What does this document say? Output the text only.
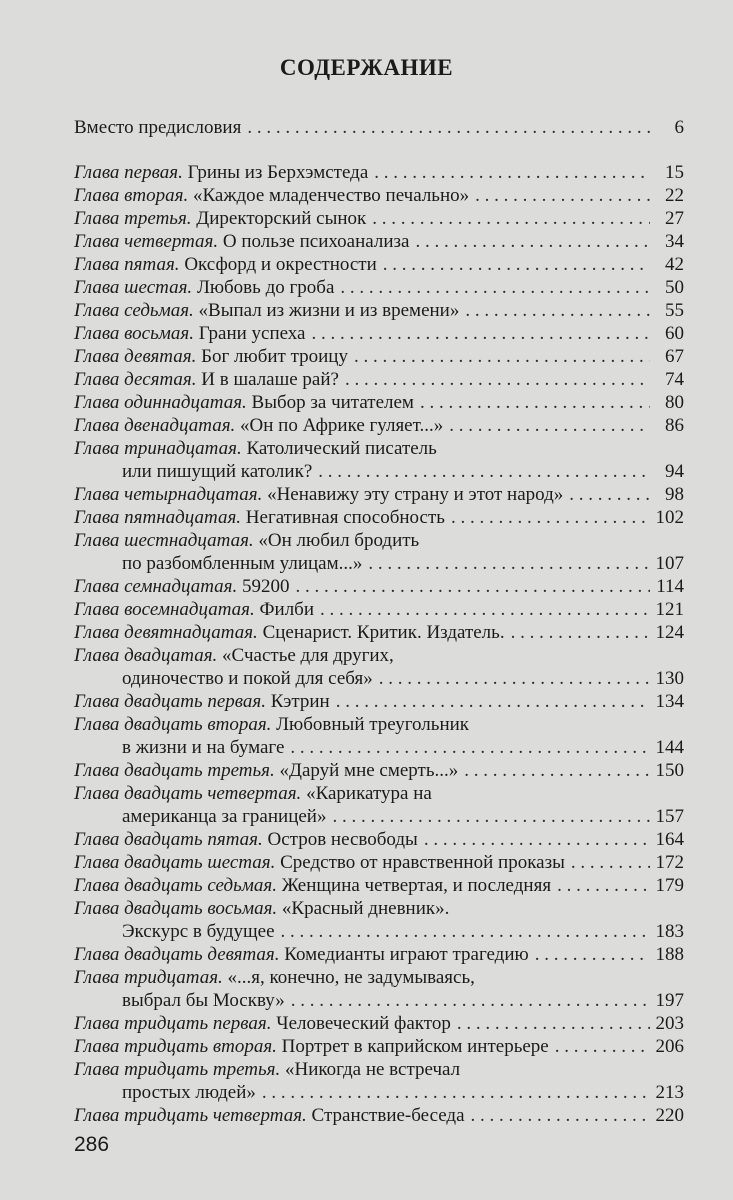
СОДЕРЖАНИЕ
Вместо предисловия . . .	6
Глава первая. Грины из Берхэмстеда . . .	15
Глава вторая. «Каждое младенчество печально» . . .	22
Глава третья. Директорский сынок . . .	27
Глава четвертая. О пользе психоанализа . . .	34
Глава пятая. Оксфорд и окрестности . . .	42
Глава шестая. Любовь до гроба . . .	50
Глава седьмая. «Выпал из жизни и из времени» . . .	55
Глава восьмая. Грани успеха . . .	60
Глава девятая. Бог любит троицу . . .	67
Глава десятая. И в шалаше рай? . . .	74
Глава одиннадцатая. Выбор за читателем . . .	80
Глава двенадцатая. «Он по Африке гуляет...» . . .	86
Глава тринадцатая. Католический писатель
или пишущий католик? . . .	94
Глава четырнадцатая. «Ненавижу эту страну и этот народ» . . .	98
Глава пятнадцатая. Негативная способность . . .	102
Глава шестнадцатая. «Он любил бродить
по разбомбленным улицам...» . . .	107
Глава семнадцатая. 59200 . . .	114
Глава восемнадцатая. Филби . . .	121
Глава девятнадцатая. Сценарист. Критик. Издатель. . . .	124
Глава двадцатая. «Счастье для других,
одиночество и покой для себя» . . .	130
Глава двадцать первая. Кэтрин . . .	134
Глава двадцать вторая. Любовный треугольник
в жизни и на бумаге . . .	144
Глава двадцать третья. «Даруй мне смерть...» . . .	150
Глава двадцать четвертая. «Карикатура на
американца за границей» . . .	157
Глава двадцать пятая. Остров несвободы . . .	164
Глава двадцать шестая. Средство от нравственной проказы . . .	172
Глава двадцать седьмая. Женщина четвертая, и последняя . . .	179
Глава двадцать восьмая. «Красный дневник».
Экскурс в будущее . . .	183
Глава двадцать девятая. Комедианты играют трагедию . . .	188
Глава тридцатая. «...я, конечно, не задумываясь,
выбрал бы Москву» . . .	197
Глава тридцать первая. Человеческий фактор . . .	203
Глава тридцать вторая. Портрет в каприйском интерьере . . .	206
Глава тридцать третья. «Никогда не встречал
простых людей» . . .	213
Глава тридцать четвертая. Странствие-беседа . . .	220
286
